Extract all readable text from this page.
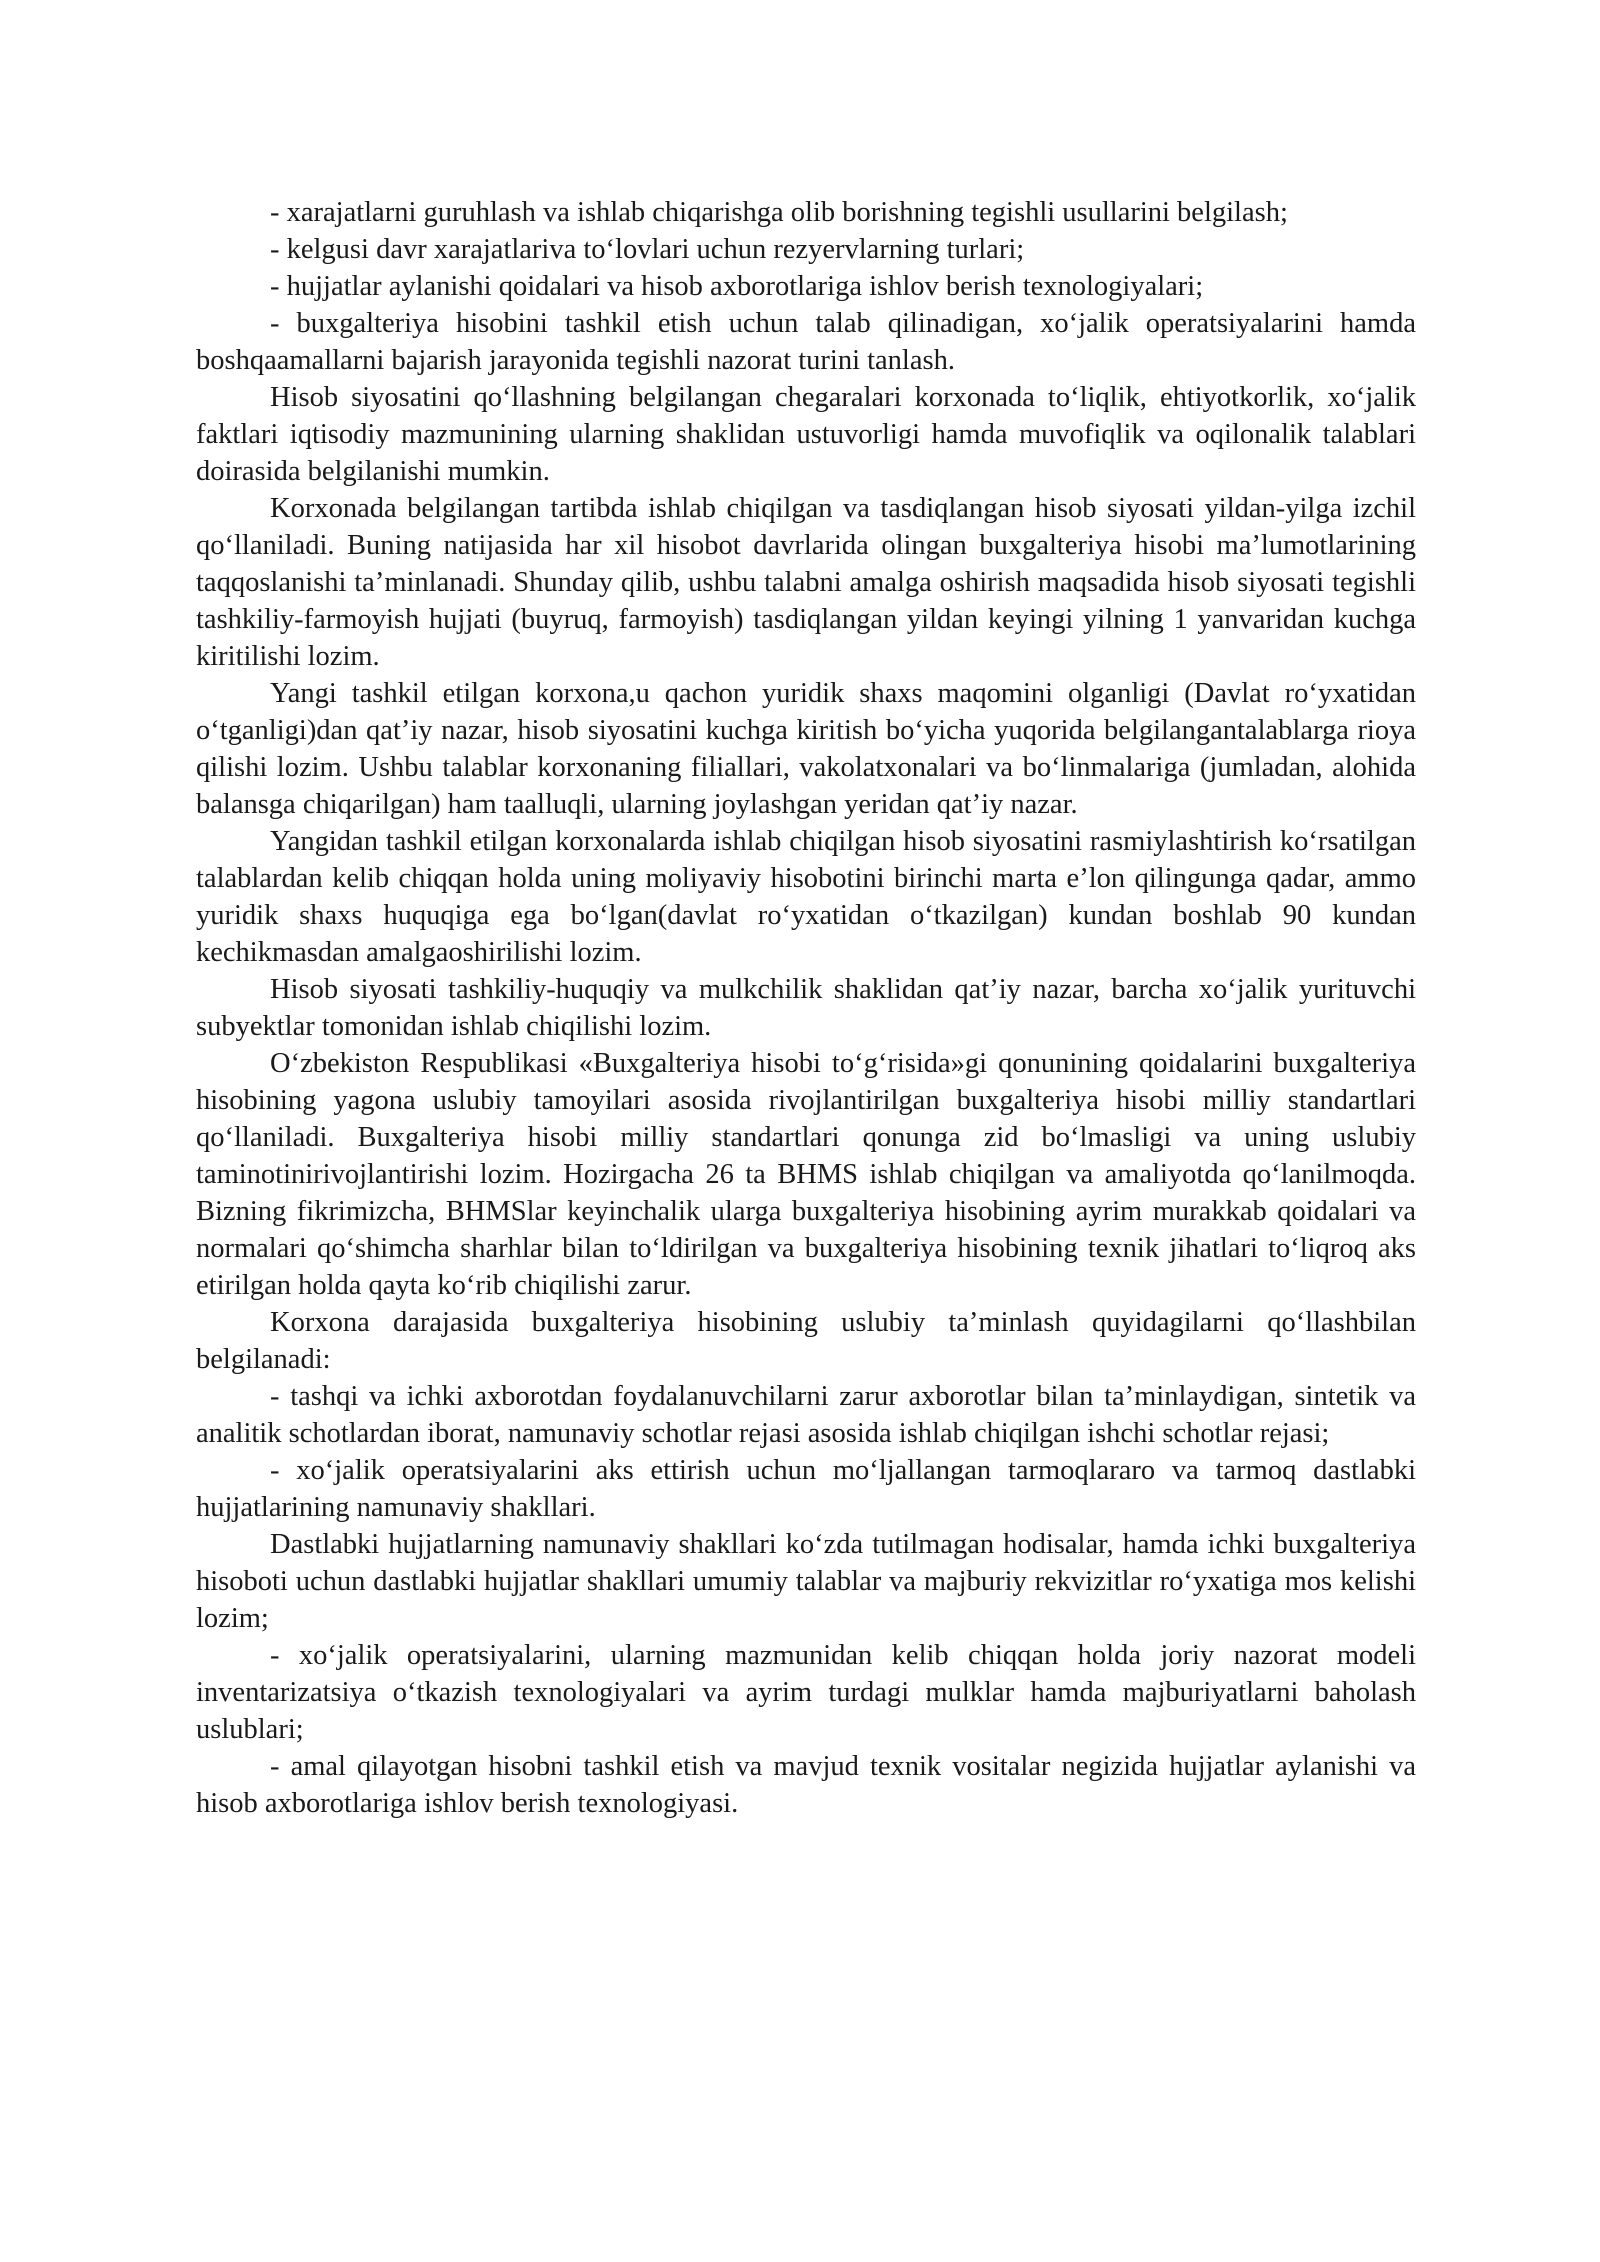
- xarajatlarni guruhlash va ishlab chiqarishga olib borishning tegishli usullarini belgilash;

- kelgusi davr xarajatlariva to‘lovlari uchun rezyervlarning turlari;

- hujjatlar aylanishi qoidalari va hisob axborotlariga ishlov berish texnologiyalari;

- buxgalteriya hisobini tashkil etish uchun talab qilinadigan, xo‘jalik operatsiyalarini hamda boshqaamallarni bajarish jarayonida tegishli nazorat turini tanlash.

Hisob siyosatini qo‘llashning belgilangan chegaralari korxonada to‘liqlik, ehtiyotkorlik, xo‘jalik faktlari iqtisodiy mazmunining ularning shaklidan ustuvorligi hamda muvofiqlik va oqilonalik talablari doirasida belgilanishi mumkin.

Korxonada belgilangan tartibda ishlab chiqilgan va tasdiqlangan hisob siyosati yildan-yilga izchil qo‘llaniladi. Buning natijasida har xil hisobot davrlarida olingan buxgalteriya hisobi ma’lumotlarining taqqoslanishi ta’minlanadi. Shunday qilib, ushbu talabni amalga oshirish maqsadida hisob siyosati tegishli tashkiliy-farmoyish hujjati (buyruq, farmoyish) tasdiqlangan yildan keyingi yilning 1 yanvaridan kuchga kiritilishi lozim.

Yangi tashkil etilgan korxona,u qachon yuridik shaxs maqomini olganligi (Davlat ro‘yxatidan o‘tganligi)dan qat’iy nazar, hisob siyosatini kuchga kiritish bo‘yicha yuqorida belgilangantalablarga rioya qilishi lozim. Ushbu talablar korxonaning filiallari, vakolatxonalari va bo‘linmalariga (jumladan, alohida balansga chiqarilgan) ham taalluqli, ularning joylashgan yeridan qat’iy nazar.

Yangidan tashkil etilgan korxonalarda ishlab chiqilgan hisob siyosatini rasmiylashtirish ko‘rsatilgan talablardan kelib chiqqan holda uning moliyaviy hisobotini birinchi marta e’lon qilingunga qadar, ammo yuridik shaxs huquqiga ega bo‘lgan(davlat ro‘yxatidan o‘tkazilgan) kundan boshlab 90 kundan kechikmasdan amalgaoshirilishi lozim.

Hisob siyosati tashkiliy-huquqiy va mulkchilik shaklidan qat’iy nazar, barcha xo‘jalik yurituvchi subyektlar tomonidan ishlab chiqilishi lozim.

O‘zbekiston Respublikasi «Buxgalteriya hisobi to‘g‘risida»gi qonunining qoidalarini buxgalteriya hisobining yagona uslubiy tamoyilari asosida rivojlantirilgan buxgalteriya hisobi milliy standartlari qo‘llaniladi. Buxgalteriya hisobi milliy standartlari qonunga zid bo‘lmasligi va uning uslubiy taminotinirivojlantirishi lozim. Hozirgacha 26 ta BHMS ishlab chiqilgan va amaliyotda qo‘lanilmoqda. Bizning fikrimizcha, BHMSlar keyinchalik ularga buxgalteriya hisobining ayrim murakkab qoidalari va normalari qo‘shimcha sharhlar bilan to‘ldirilgan va buxgalteriya hisobining texnik jihatlari to‘liqroq aks etirilgan holda qayta ko‘rib chiqilishi zarur.

Korxona darajasida buxgalteriya hisobining uslubiy ta’minlash quyidagilarni qo‘llashbilan belgilanadi:

- tashqi va ichki axborotdan foydalanuvchilarni zarur axborotlar bilan ta’minlaydigan, sintetik va analitik schotlardan iborat, namunaviy schotlar rejasi asosida ishlab chiqilgan ishchi schotlar rejasi;

- xo‘jalik operatsiyalarini aks ettirish uchun mo‘ljallangan tarmoqlararo va tarmoq dastlabki hujjatlarining namunaviy shakllari.

Dastlabki hujjatlarning namunaviy shakllari ko‘zda tutilmagan hodisalar, hamda ichki buxgalteriya hisoboti uchun dastlabki hujjatlar shakllari umumiy talablar va majburiy rekvizitlar ro‘yxatiga mos kelishi lozim;

- xo‘jalik operatsiyalarini, ularning mazmunidan kelib chiqqan holda joriy nazorat modeli inventarizatsiya o‘tkazish texnologiyalari va ayrim turdagi mulklar hamda majburiyatlarni baholash uslublari;

- amal qilayotgan hisobni tashkil etish va mavjud texnik vositalar negizida hujjatlar aylanishi va hisob axborotlariga ishlov berish texnologiyasi.
